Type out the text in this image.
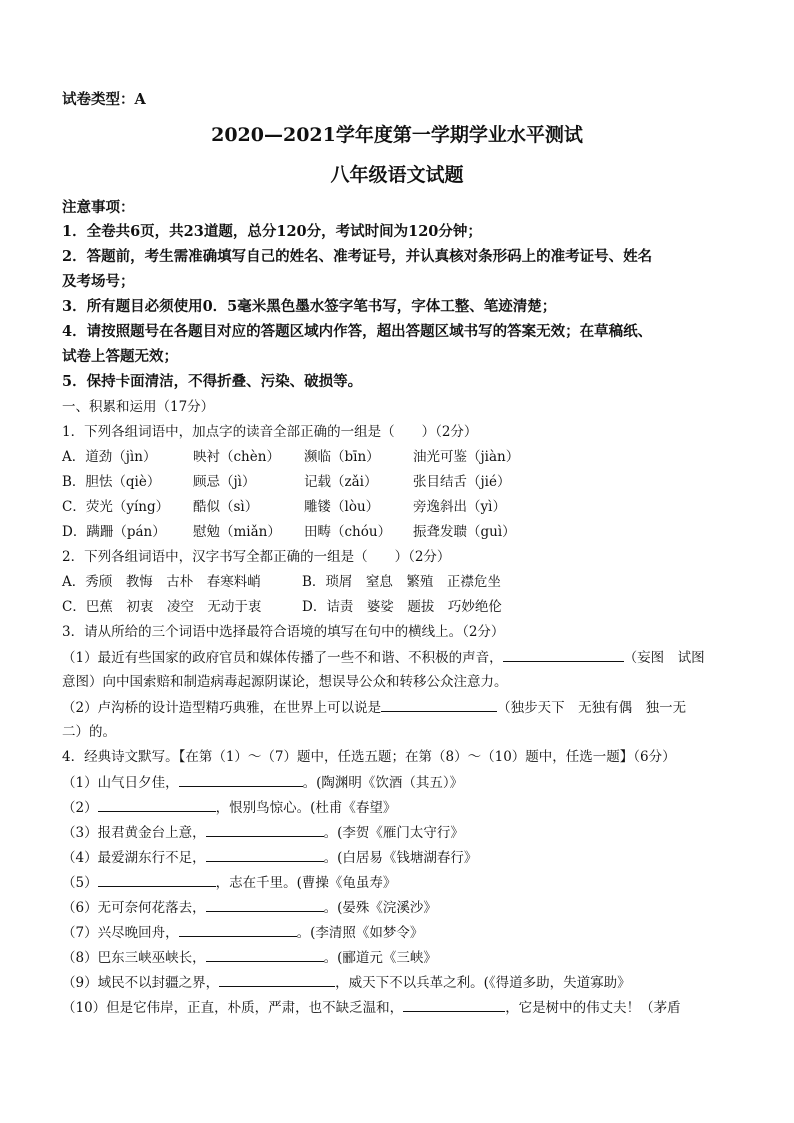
试卷类型：A
2020—2021学年度第一学期学业水平测试
八年级语文试题
注意事项：
1．全卷共6页，共23道题，总分120分，考试时间为120分钟；
2．答题前，考生需准确填写自己的姓名、准考证号，并认真核对条形码上的准考证号、姓名
及考场号；
3．所有题目必须使用0．5毫米黑色墨水签字笔书写，字体工整、笔迹清楚；
4．请按照题号在各题目对应的答题区域内作答，超出答题区域书写的答案无效；在草稿纸、
试卷上答题无效；
5．保持卡面清洁，不得折叠、污染、破损等。
一、积累和运用（17分）
1．下列各组词语中，加点字的读音全部正确的一组是（　　）（2分）
A．道劲（jìn）	映衬（chèn） 濒临（bīn） 油光可鉴（jiàn）
B．胆怯（qiè） 顾忌（jì）	记载（zǎi）	张目结舌（jié）
C．荧光（yíng） 酷似（sì）	雕镂（lòu）	旁逸斜出（yì）
D．蹒跚（pán） 慰勉（miǎn） 田畴（chóu） 振聋发聩（guì）
2．下列各组词语中，汉字书写全都正确的一组是（　　）（2分）
A．秀颀　教悔　古朴　春寒料峭	B．琐屑　窒息　繁殖　正襟危坐
C．巴蕉　初衷　凌空　无动于衷	D．诘责　婆娑　题拔　巧妙绝伦
3．请从所给的三个词语中选择最符合语境的填写在句中的横线上。（2分）
（1）最近有些国家的政府官员和媒体传播了一些不和谐、不积极的声音，	（妄图　试图
意图）向中国索赔和制造病毒起源阴谋论，想误导公众和转移公众注意力。
（2）卢沟桥的设计造型精巧典雅，在世界上可以说是	（独步天下　无独有偶　独一无
二）的。
4．经典诗文默写。【在第（1）～（7）题中，任选五题；在第（8）～（10）题中，任选一题】（6分）
（1）山气日夕佳，	。(陶渊明《饮酒（其五）》
（2）	，恨别鸟惊心。(杜甫《春望》
（3）报君黄金台上意，	。(李贺《雁门太守行》
（4）最爱湖东行不足，	。(白居易《钱塘湖春行》
（5）	，志在千里。(曹操《龟虽寿》
（6）无可奈何花落去，	。(晏殊《浣溪沙》
（7）兴尽晚回舟，	。(李清照《如梦令》
（8）巴东三峡巫峡长，	。(郦道元《三峡》
（9）域民不以封疆之界，	，威天下不以兵革之利。(《得道多助，失道寡助》
（10）但是它伟岸，正直，朴质，严肃，也不缺乏温和，	，它是树中的伟丈夫！（茅盾
